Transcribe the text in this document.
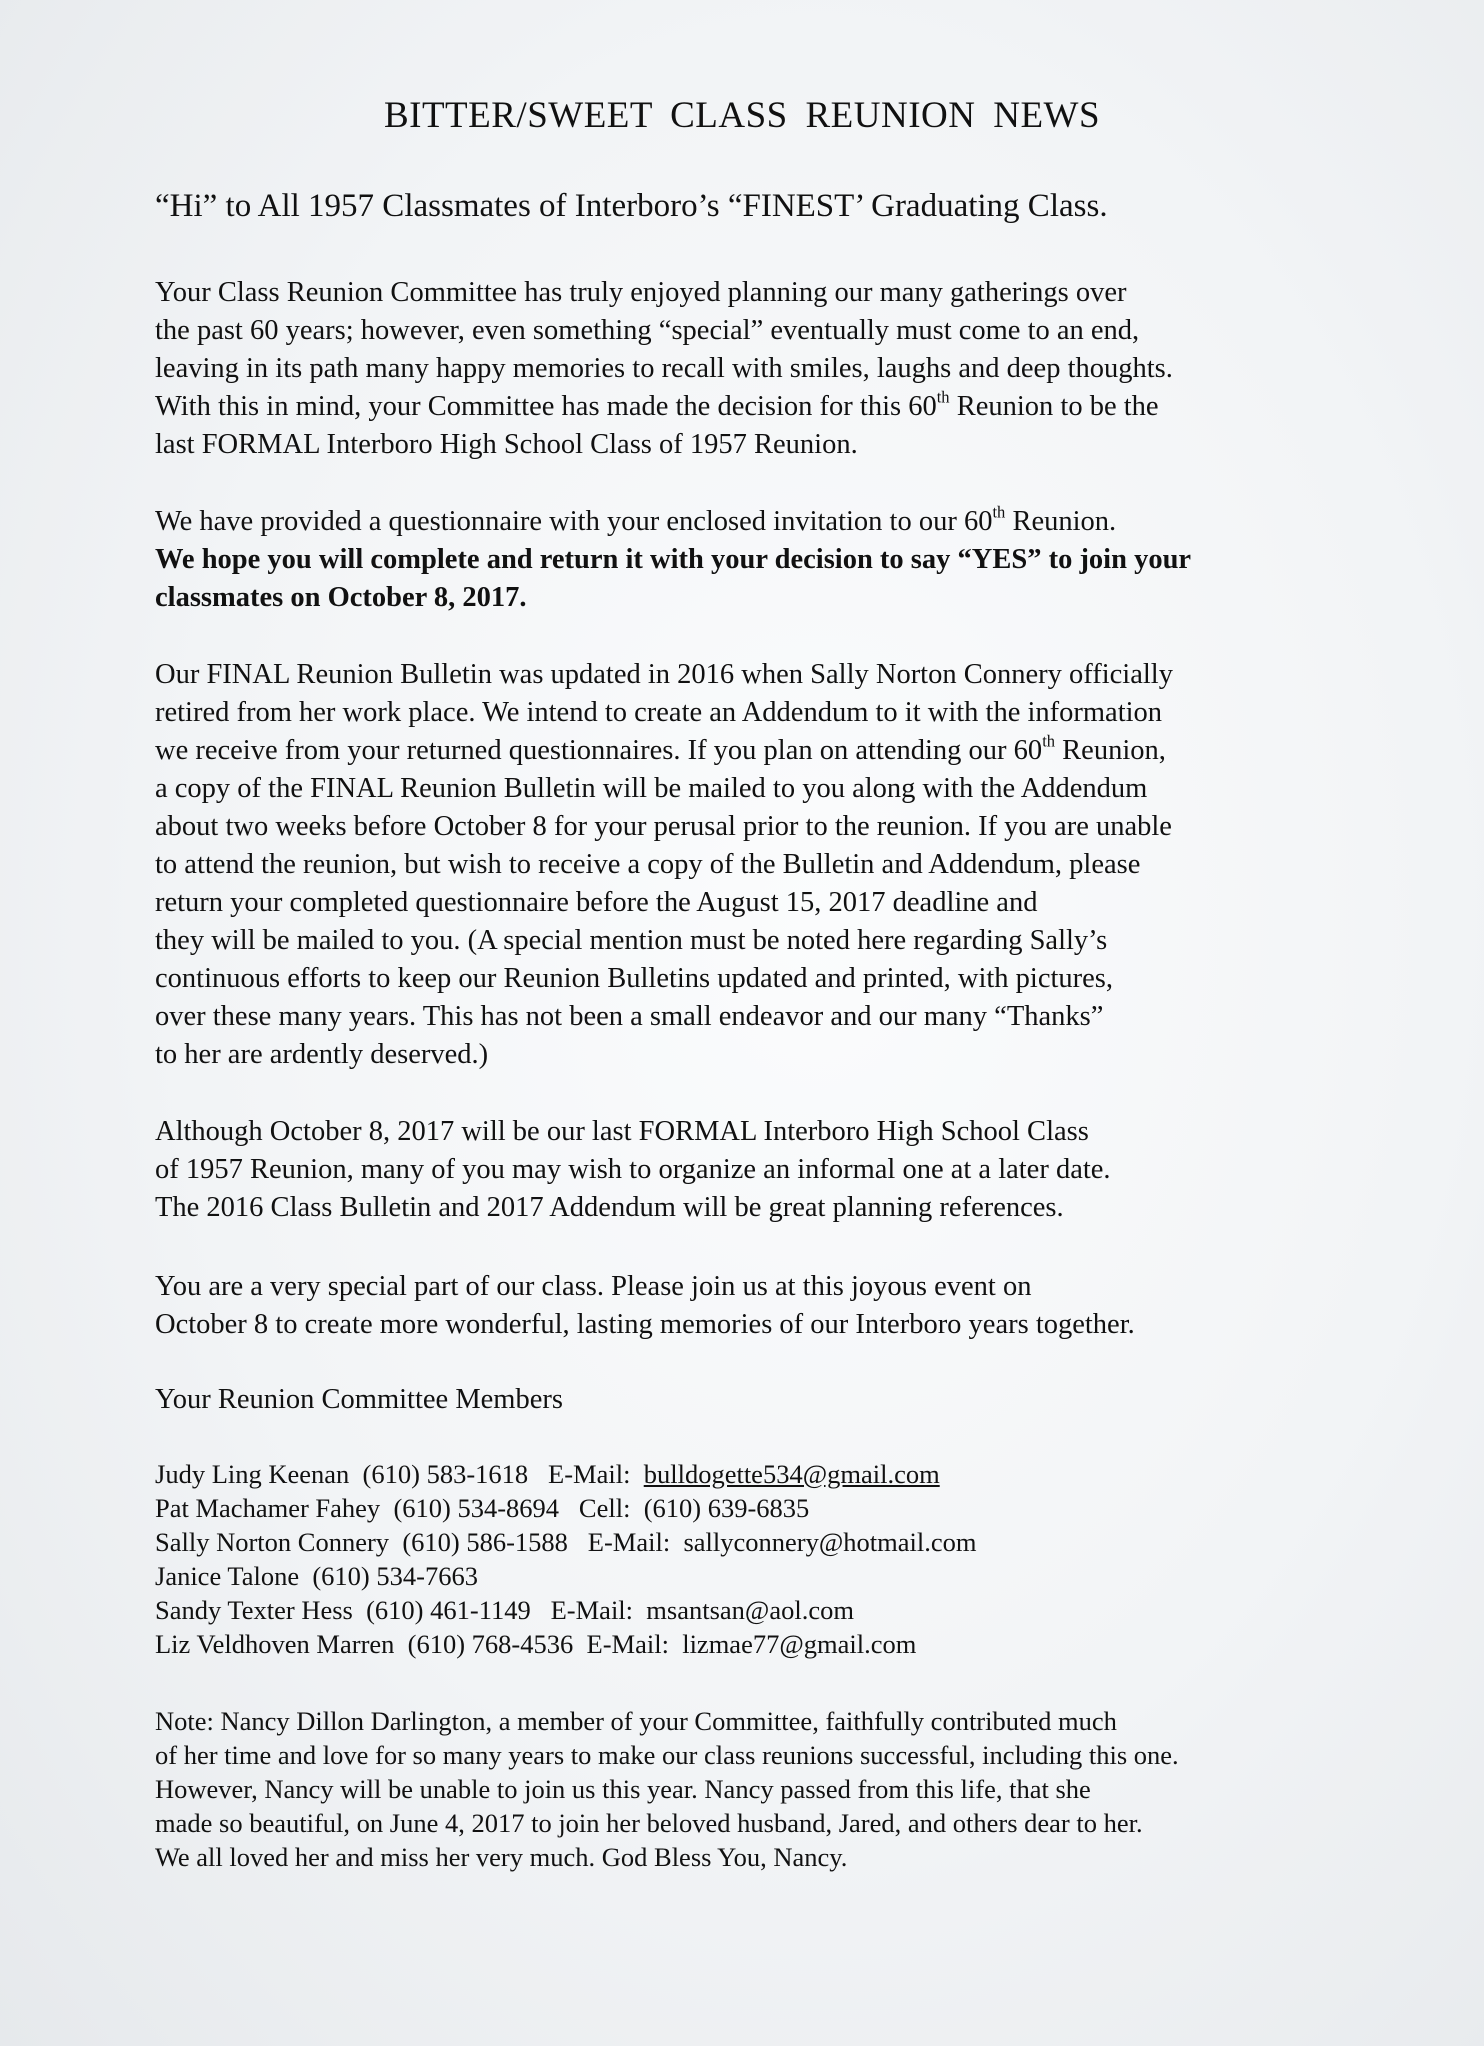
BITTER/SWEET CLASS REUNION NEWS
“Hi” to All 1957 Classmates of Interboro’s “FINEST’ Graduating Class.
Your Class Reunion Committee has truly enjoyed planning our many gatherings over
the past 60 years; however, even something “special” eventually must come to an end,
leaving in its path many happy memories to recall with smiles, laughs and deep thoughts.
With this in mind, your Committee has made the decision for this 60th Reunion to be the
last FORMAL Interboro High School Class of 1957 Reunion.
We have provided a questionnaire with your enclosed invitation to our 60th Reunion.
We hope you will complete and return it with your decision to say “YES” to join your
classmates on October 8, 2017.
Our FINAL Reunion Bulletin was updated in 2016 when Sally Norton Connery officially
retired from her work place. We intend to create an Addendum to it with the information
we receive from your returned questionnaires. If you plan on attending our 60th Reunion,
a copy of the FINAL Reunion Bulletin will be mailed to you along with the Addendum
about two weeks before October 8 for your perusal prior to the reunion. If you are unable
to attend the reunion, but wish to receive a copy of the Bulletin and Addendum, please
return your completed questionnaire before the August 15, 2017 deadline and
they will be mailed to you. (A special mention must be noted here regarding Sally’s
continuous efforts to keep our Reunion Bulletins updated and printed, with pictures,
over these many years. This has not been a small endeavor and our many “Thanks”
to her are ardently deserved.)
Although October 8, 2017 will be our last FORMAL Interboro High School Class
of 1957 Reunion, many of you may wish to organize an informal one at a later date.
The 2016 Class Bulletin and 2017 Addendum will be great planning references.
You are a very special part of our class. Please join us at this joyous event on
October 8 to create more wonderful, lasting memories of our Interboro years together.
Your Reunion Committee Members
Judy Ling Keenan (610) 583-1618 E-Mail: bulldogette534@gmail.com
Pat Machamer Fahey (610) 534-8694 Cell: (610) 639-6835
Sally Norton Connery (610) 586-1588 E-Mail: sallyconnery@hotmail.com
Janice Talone (610) 534-7663
Sandy Texter Hess (610) 461-1149 E-Mail: msantsan@aol.com
Liz Veldhoven Marren (610) 768-4536 E-Mail: lizmae77@gmail.com
Note: Nancy Dillon Darlington, a member of your Committee, faithfully contributed much
of her time and love for so many years to make our class reunions successful, including this one.
However, Nancy will be unable to join us this year. Nancy passed from this life, that she
made so beautiful, on June 4, 2017 to join her beloved husband, Jared, and others dear to her.
We all loved her and miss her very much. God Bless You, Nancy.
